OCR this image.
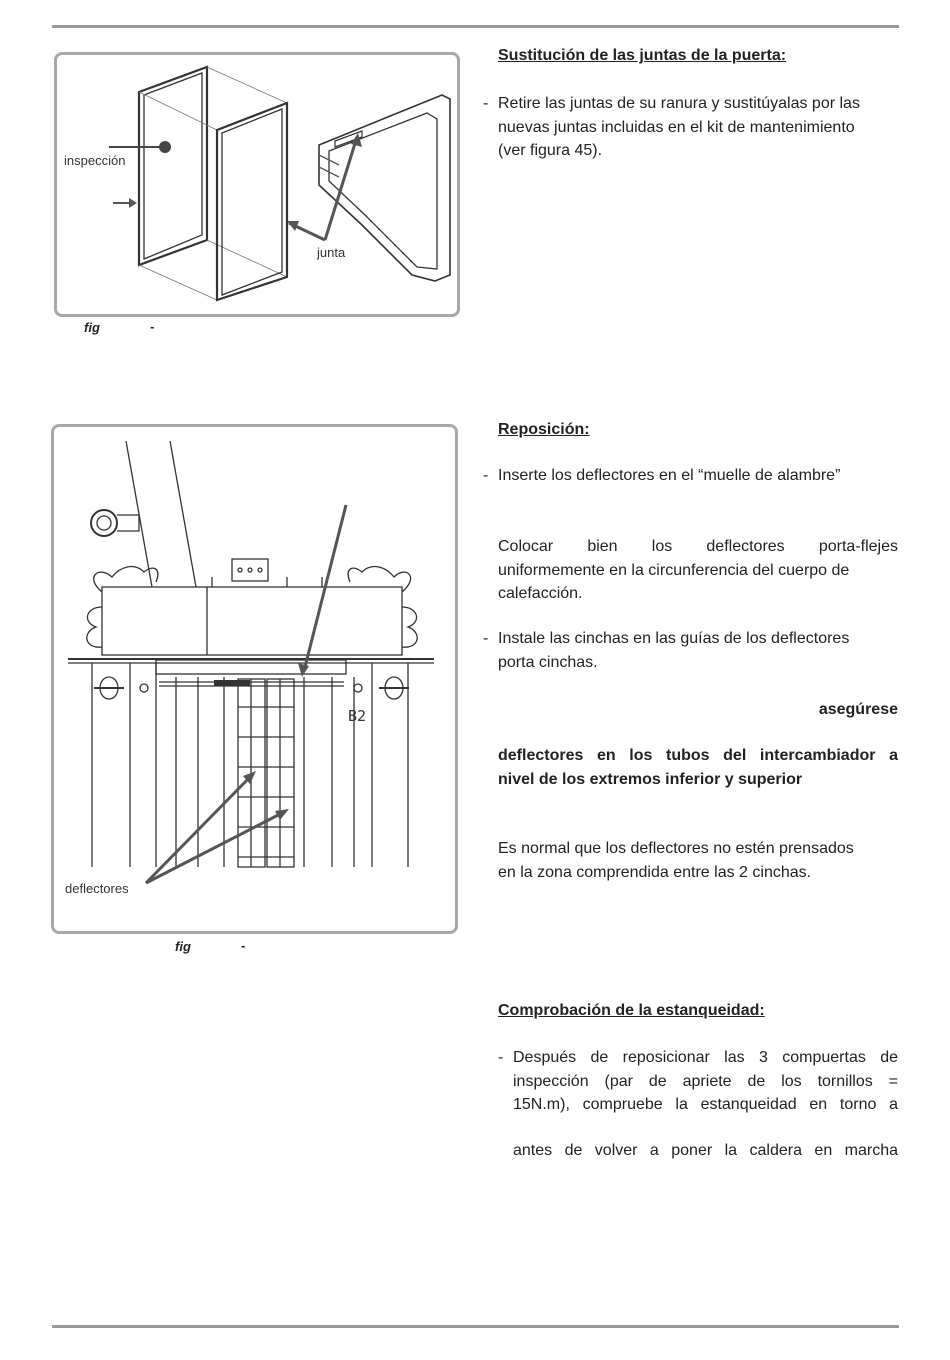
inspección
junta
fig	-
B2
deflectores
fig	-
Sustitución de las juntas de la puerta:
- Retire las juntas de su ranura y sustitúyalas por las
nuevas juntas incluidas en el kit de mantenimiento
(ver figura 45).
Reposición:
- Inserte los deflectores en el “muelle de alambre”
Colocar bien los deflectores porta-flejes
uniformemente en la circunferencia del cuerpo de
calefacción.
- Instale las cinchas en las guías de los deflectores
porta cinchas.
asegúrese
deflectores en los tubos del intercambiador a
nivel de los extremos inferior y superior
Es normal que los deflectores no estén prensados
en la zona comprendida entre las 2 cinchas.
Comprobación de la estanqueidad:
- Después de reposicionar las 3 compuertas de
inspección (par de apriete de los tornillos =
15N.m), compruebe la estanqueidad en torno a
antes de volver a poner la caldera en marcha
